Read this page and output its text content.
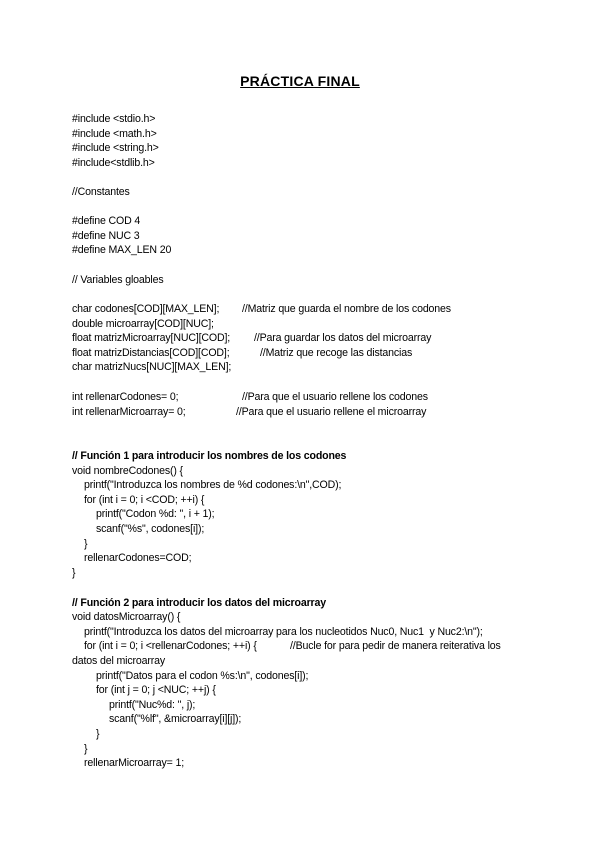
PRÁCTICA FINAL
#include <stdio.h>
#include <math.h>
#include <string.h>
#include<stdlib.h>
//Constantes
#define COD 4
#define NUC 3
#define MAX_LEN 20
// Variables gloables
char codones[COD][MAX_LEN]; //Matriz que guarda el nombre de los codones
double microarray[COD][NUC];
float matrizMicroarray[NUC][COD]; //Para guardar los datos del microarray
float matrizDistancias[COD][COD];	//Matriz que recoge las distancias
char matrizNucs[NUC][MAX_LEN];
int rellenarCodones= 0;	//Para que el usuario rellene los codones
int rellenarMicroarray= 0;	//Para que el usuario rellene el microarray
// Función 1 para introducir los nombres de los codones
void nombreCodones() {
printf("Introduzca los nombres de %d codones:\n",COD);
for (int i = 0; i <COD; ++i) {
printf("Codon %d: ", i + 1);
scanf("%s", codones[i]);
}
rellenarCodones=COD;
}
// Función 2 para introducir los datos del microarray
void datosMicroarray() {
printf("Introduzca los datos del microarray para los nucleotidos Nuc0, Nuc1  y Nuc2:\n");
for (int i = 0; i <rellenarCodones; ++i) {	//Bucle for para pedir de manera reiterativa los
datos del microarray
printf("Datos para el codon %s:\n", codones[i]);
for (int j = 0; j <NUC; ++j) {
printf("Nuc%d: ", j);
scanf("%lf", &microarray[i][j]);
}
}
rellenarMicroarray= 1;
